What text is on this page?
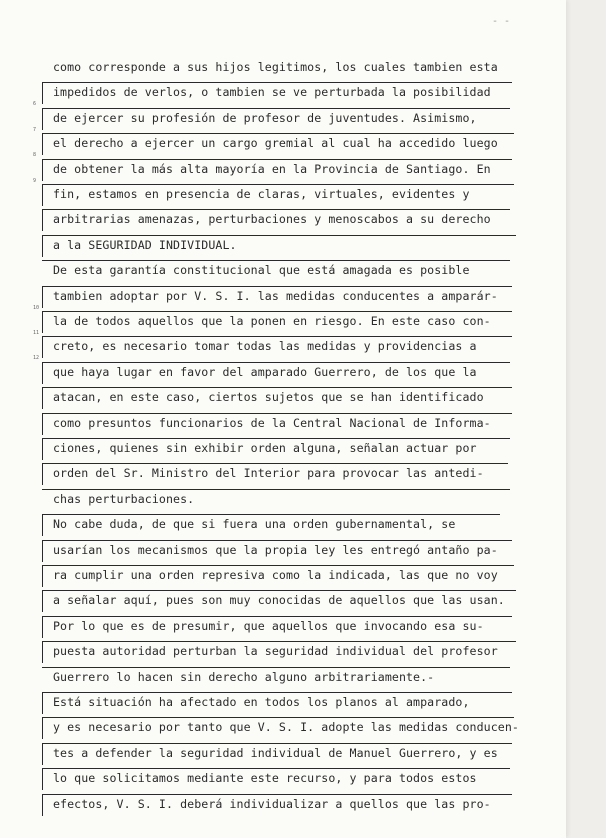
- -
como corresponde a sus hijos legitimos, los cuales tambien esta
impedidos de verlos, o tambien se ve perturbada la posibilidad
6
de ejercer su profesión de profesor de juventudes. Asimismo,
7
el derecho a ejercer un cargo gremial al cual ha accedido luego
8
de obtener la más alta mayoría en la Provincia de Santiago. En
9
fin, estamos en presencia de claras, virtuales, evidentes y
arbitrarias amenazas, perturbaciones y menoscabos a su derecho
a la SEGURIDAD INDIVIDUAL.
De esta garantía constitucional que está amagada es posible
tambien adoptar por V. S. I. las medidas conducentes a amparár-
10
la de todos aquellos que la ponen en riesgo. En este caso con-
11
creto, es necesario tomar todas las medidas y providencias a
12
que haya lugar en favor del amparado Guerrero, de los que la
atacan, en este caso, ciertos sujetos que se han identificado
como presuntos funcionarios de la Central Nacional de Informa-
ciones, quienes sin exhibir orden alguna, señalan actuar por
orden del Sr. Ministro del Interior para provocar las antedi-
chas perturbaciones.
No cabe duda, de que si fuera una orden gubernamental, se
usarían los mecanismos que la propia ley les entregó antaño pa-
ra cumplir una orden represiva como la indicada, las que no voy
a señalar aquí, pues son muy conocidas de aquellos que las usan.
Por lo que es de presumir, que aquellos que invocando esa su-
puesta autoridad perturban la seguridad individual del profesor
Guerrero lo hacen sin derecho alguno arbitrariamente.-
Está situación ha afectado en todos los planos al amparado,
y es necesario por tanto que V. S. I. adopte las medidas conducen-
tes a defender la seguridad individual de Manuel Guerrero, y es
lo que solicitamos mediante este recurso, y para todos estos
efectos, V. S. I. deberá individualizar a quellos que las pro-
